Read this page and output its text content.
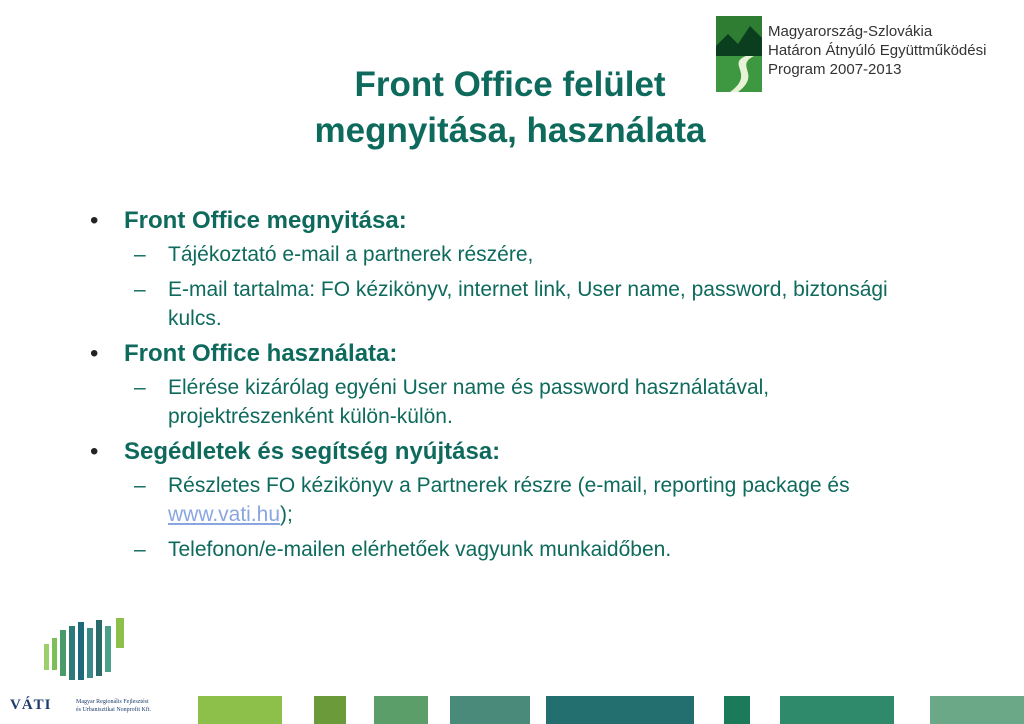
Front Office felület
megnyitása, használata
Magyarország-Szlovákia
Határon Átnyúló Együttműködési
Program 2007-2013
• Front Office megnyitása:
– Tájékoztató e-mail a partnerek részére,
– E-mail tartalma: FO kézikönyv, internet link, User name, password, biztonsági kulcs.
• Front Office használata:
– Elérése kizárólag egyéni User name és password használatával, projektrészenként külön-külön.
• Segédletek és segítség nyújtása:
– Részletes FO kézikönyv a Partnerek részre (e-mail, reporting package és www.vati.hu);
– Telefonon/e-mailen elérhetőek vagyunk munkaidőben.
VÁTI	Magyar Regionális Fejlesztési
és Urbanisztikai Nonprofit Kft.
